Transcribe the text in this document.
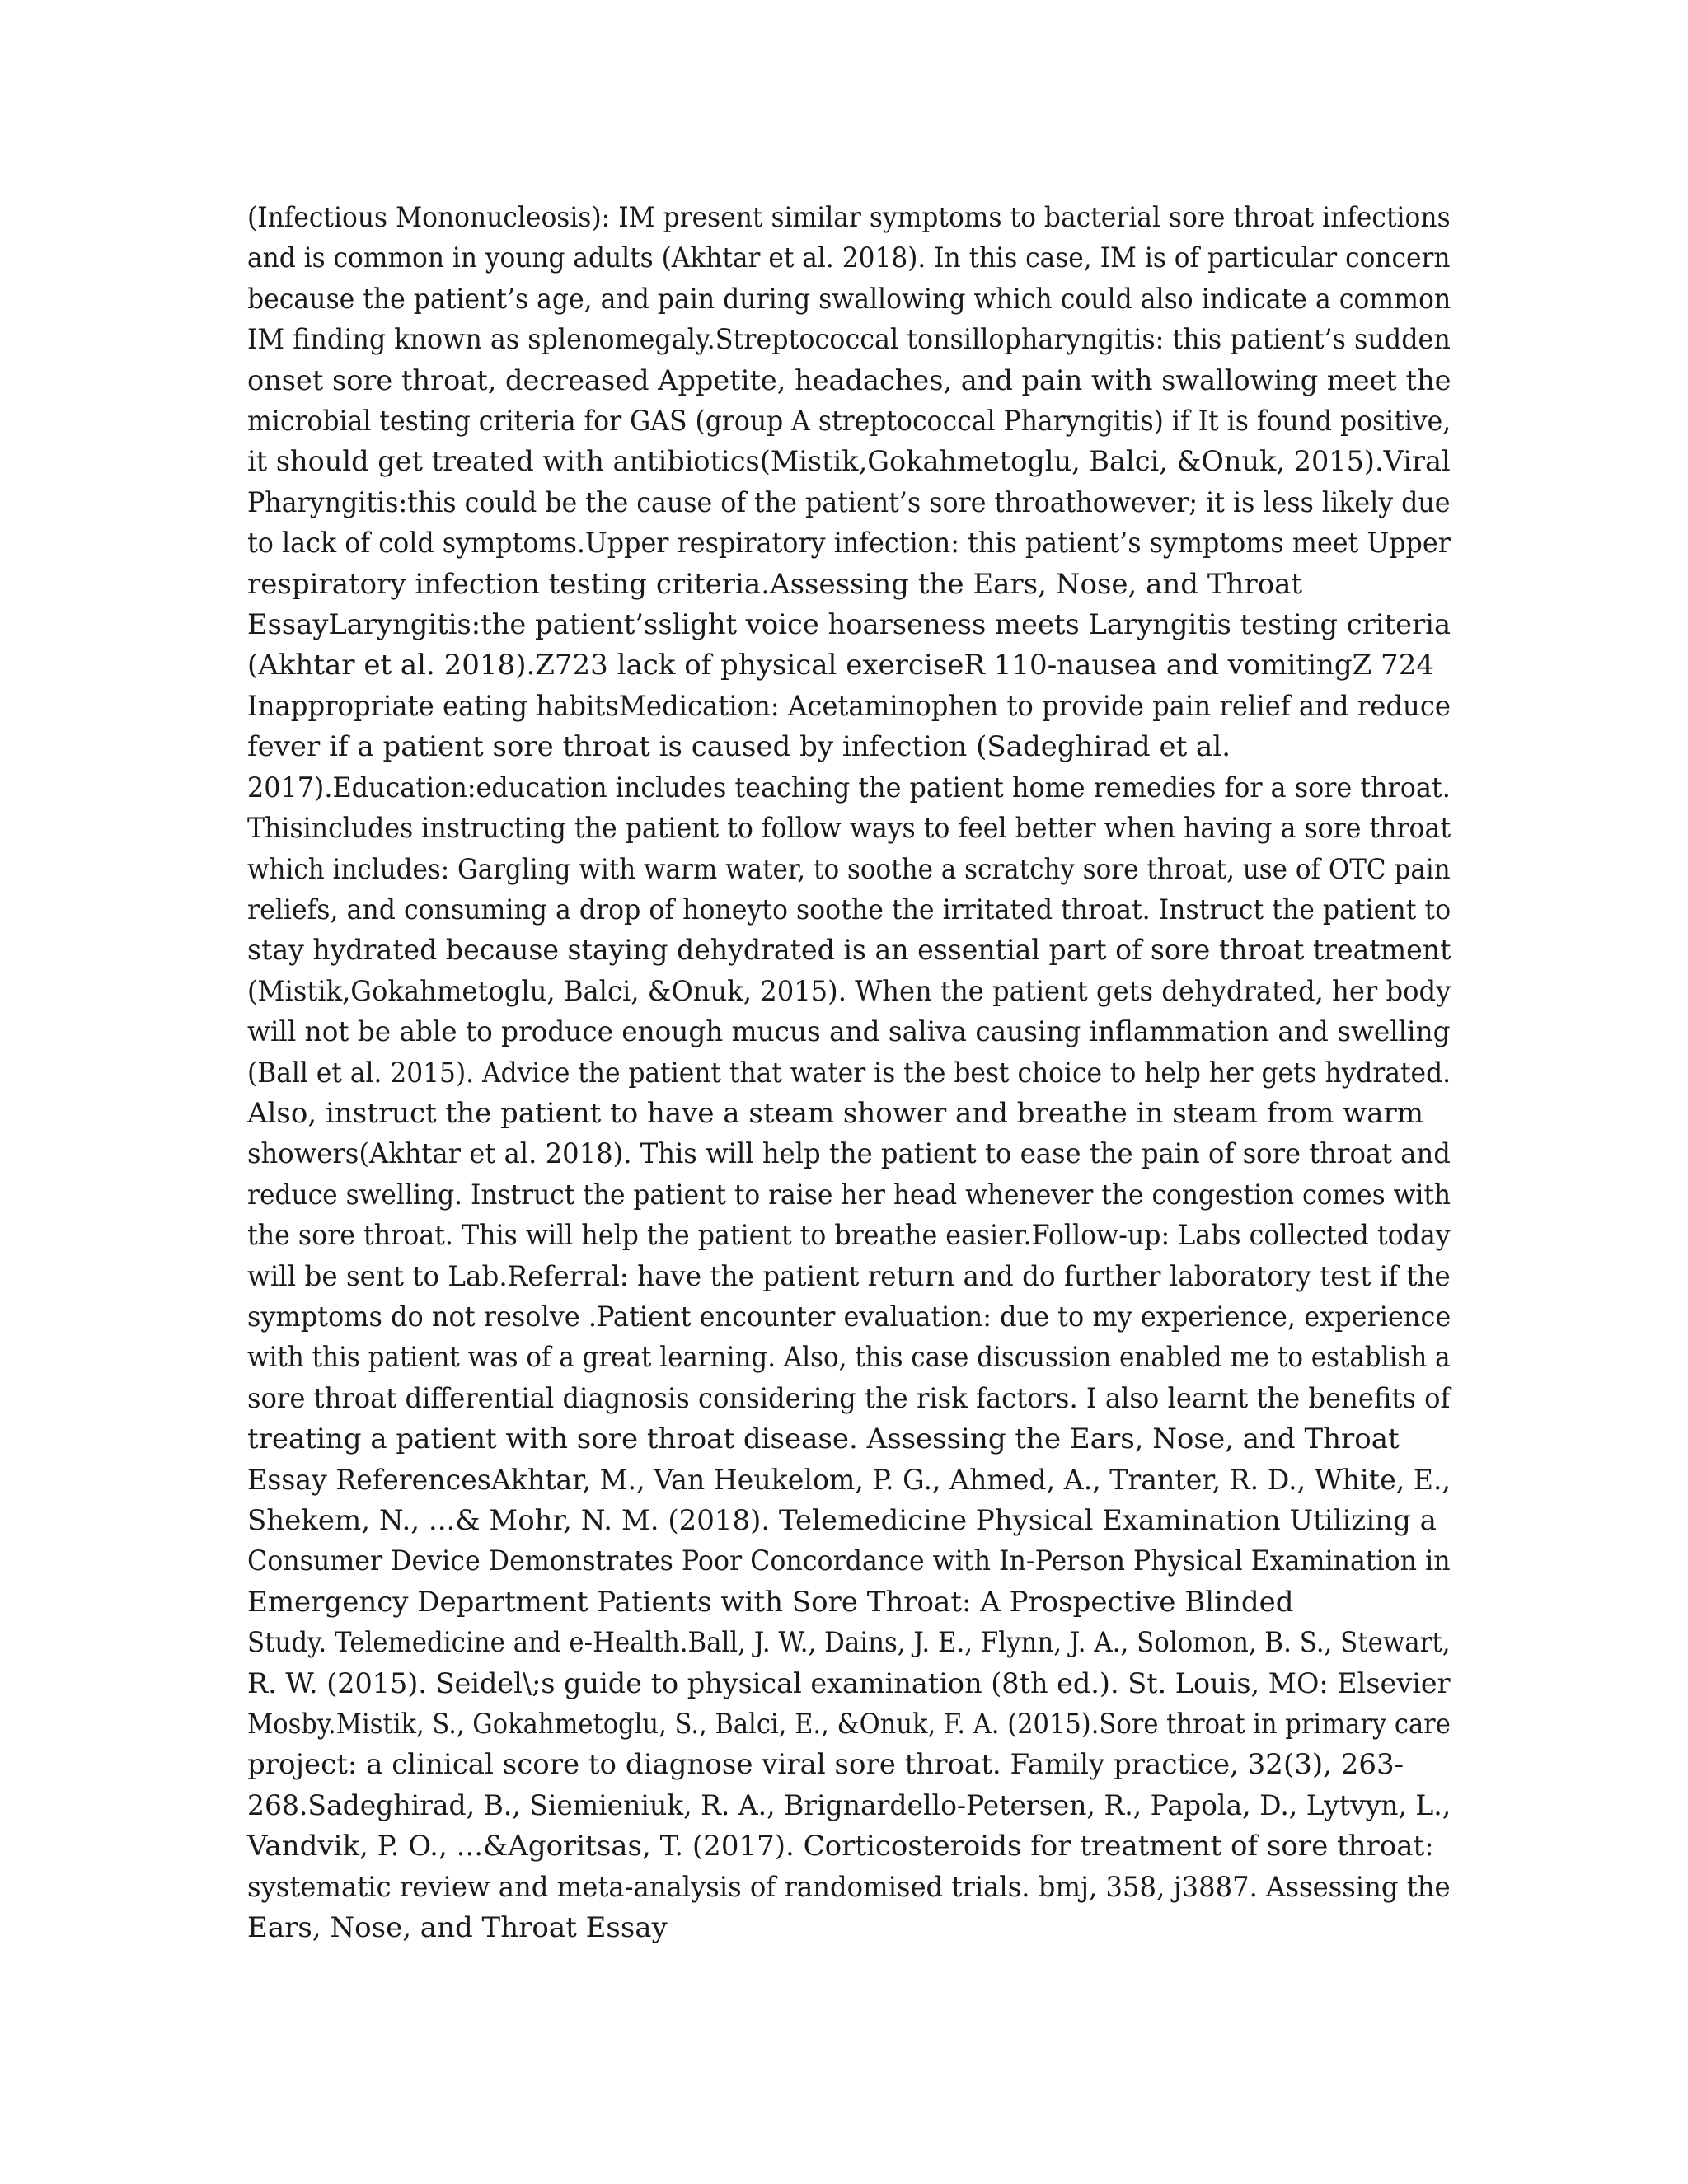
(Infectious Mononucleosis): IM present similar symptoms to bacterial sore throat infections
and is common in young adults (Akhtar et al. 2018). In this case, IM is of particular concern
because the patient’s age, and pain during swallowing which could also indicate a common
IM finding known as splenomegaly.Streptococcal tonsillopharyngitis: this patient’s sudden
onset sore throat, decreased Appetite, headaches, and pain with swallowing meet the
microbial testing criteria for GAS (group A streptococcal Pharyngitis) if It is found positive,
it should get treated with antibiotics(Mistik,Gokahmetoglu, Balci, &Onuk, 2015).Viral
Pharyngitis:this could be the cause of the patient’s sore throathowever; it is less likely due
to lack of cold symptoms.Upper respiratory infection: this patient’s symptoms meet Upper
respiratory infection testing criteria.Assessing the Ears, Nose, and Throat
EssayLaryngitis:the patient’sslight voice hoarseness meets Laryngitis testing criteria
(Akhtar et al. 2018).Z723 lack of physical exerciseR 110-nausea and vomitingZ 724
Inappropriate eating habitsMedication: Acetaminophen to provide pain relief and reduce
fever if a patient sore throat is caused by infection (Sadeghirad et al.
2017).Education:education includes teaching the patient home remedies for a sore throat.
Thisincludes instructing the patient to follow ways to feel better when having a sore throat
which includes: Gargling with warm water, to soothe a scratchy sore throat, use of OTC pain
reliefs, and consuming a drop of honeyto soothe the irritated throat. Instruct the patient to
stay hydrated because staying dehydrated is an essential part of sore throat treatment
(Mistik,Gokahmetoglu, Balci, &Onuk, 2015). When the patient gets dehydrated, her body
will not be able to produce enough mucus and saliva causing inflammation and swelling
(Ball et al. 2015). Advice the patient that water is the best choice to help her gets hydrated.
Also, instruct the patient to have a steam shower and breathe in steam from warm
showers(Akhtar et al. 2018). This will help the patient to ease the pain of sore throat and
reduce swelling. Instruct the patient to raise her head whenever the congestion comes with
the sore throat. This will help the patient to breathe easier.Follow-up: Labs collected today
will be sent to Lab.Referral: have the patient return and do further laboratory test if the
symptoms do not resolve .Patient encounter evaluation: due to my experience, experience
with this patient was of a great learning. Also, this case discussion enabled me to establish a
sore throat differential diagnosis considering the risk factors. I also learnt the benefits of
treating a patient with sore throat disease. Assessing the Ears, Nose, and Throat
Essay ReferencesAkhtar, M., Van Heukelom, P. G., Ahmed, A., Tranter, R. D., White, E.,
Shekem, N., ...& Mohr, N. M. (2018). Telemedicine Physical Examination Utilizing a
Consumer Device Demonstrates Poor Concordance with In-Person Physical Examination in
Emergency Department Patients with Sore Throat: A Prospective Blinded
Study. Telemedicine and e-Health.Ball, J. W., Dains, J. E., Flynn, J. A., Solomon, B. S., Stewart,
R. W. (2015). Seidel\;s guide to physical examination (8th ed.). St. Louis, MO: Elsevier
Mosby.Mistik, S., Gokahmetoglu, S., Balci, E., &Onuk, F. A. (2015).Sore throat in primary care
project: a clinical score to diagnose viral sore throat. Family practice, 32(3), 263-
268.Sadeghirad, B., Siemieniuk, R. A., Brignardello-Petersen, R., Papola, D., Lytvyn, L.,
Vandvik, P. O., ...&Agoritsas, T. (2017). Corticosteroids for treatment of sore throat:
systematic review and meta-analysis of randomised trials. bmj, 358, j3887. Assessing the
Ears, Nose, and Throat Essay
